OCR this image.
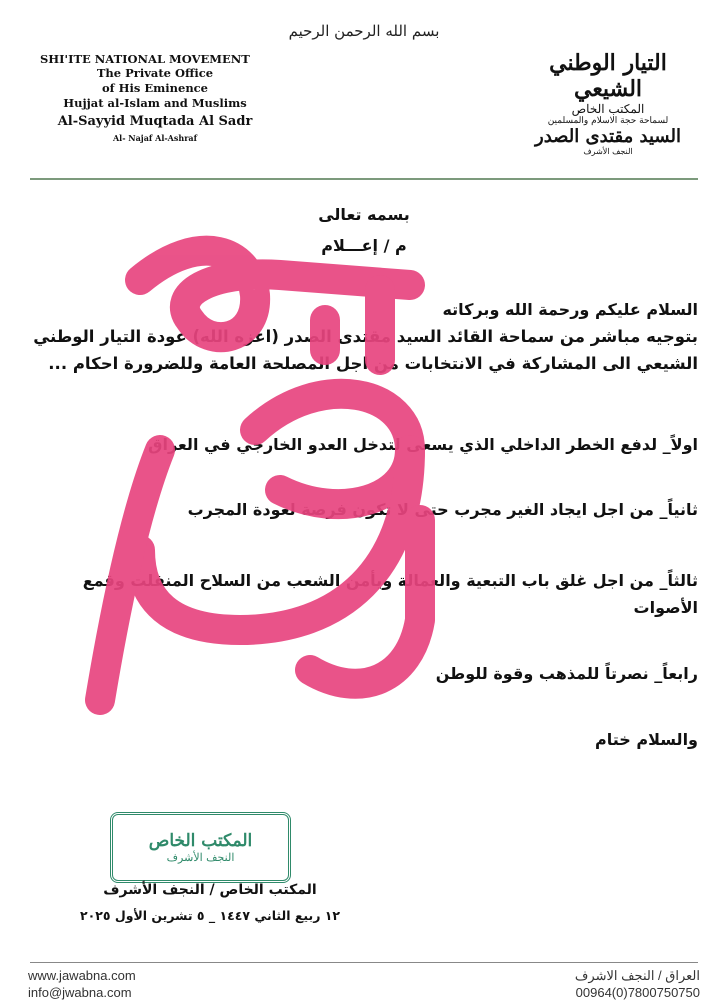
بسم الله الرحمن الرحيم
SHI'ITE NATIONAL MOVEMENT
The Private Office
of His Eminence
Hujjat al-Islam and Muslims
Al-Sayyid Muqtada Al Sadr
Al- Najaf Al-Ashraf
التيار الوطني الشيعي
المكتب الخاص
لسماحة حجة الاسلام والمسلمين
السيد مقتدى الصدر
النجف الأشرف
بسمه تعالى
م / إعـــلام
السلام عليكم ورحمة الله وبركاته
بتوجيه مباشر من سماحة القائد السيد مقتدى الصدر (اعزه الله) عودة التيار الوطني الشيعي الى المشاركة في الانتخابات من اجل المصلحة العامة وللضرورة احكام ...
اولاً_ لدفع الخطر الداخلي الذي يسعى لتدخل العدو الخارجي في العراق
ثانياً_ من اجل ايجاد الغير مجرب حتى لا تكون فرصة لعودة المجرب
ثالثاً_ من اجل غلق باب التبعية والعمالة ويأمن الشعب من السلاح المنفلت وقمع الأصوات
رابعاً_ نصرتاً للمذهب وقوة للوطن
والسلام ختام
المكتب الخاص
النجف الأشرف
المكتب الخاص / النجف الأشرف
١٢ ربيع الثاني ١٤٤٧ _ ٥ تشرين الأول ٢٠٢٥
www.jawabna.com
info@jwabna.com
العراق / النجف الاشرف
00964(0)7800750750
